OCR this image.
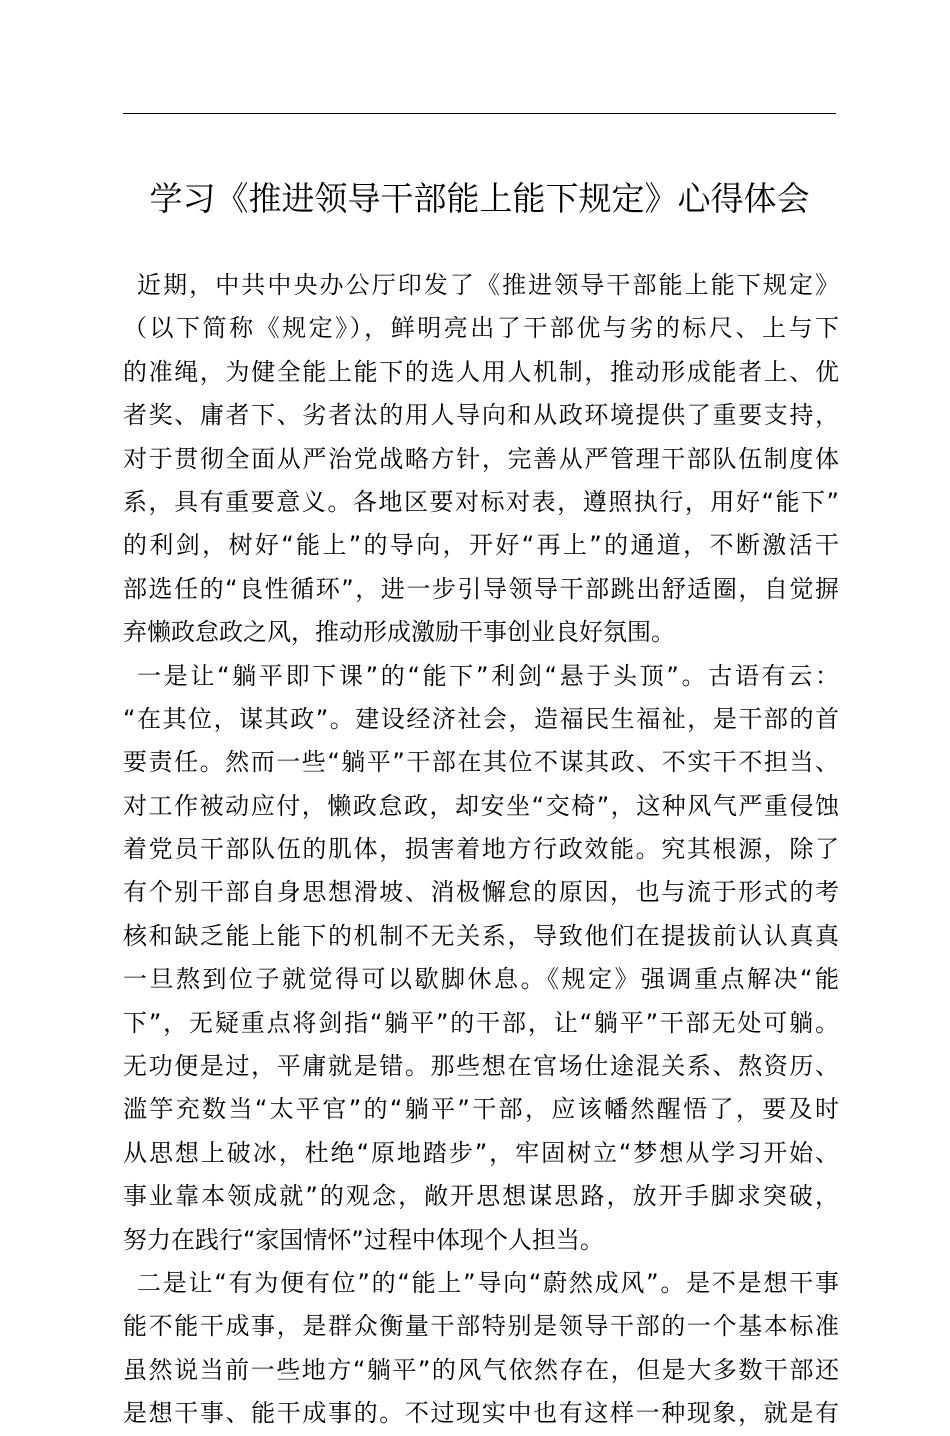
学习《推进领导干部能上能下规定》心得体会
近期，中共中央办公厅印发了《推进领导干部能上能下规定》
（以下简称《规定》），鲜明亮出了干部优与劣的标尺、上与下
的准绳，为健全能上能下的选人用人机制，推动形成能者上、优
者奖、庸者下、劣者汰的用人导向和从政环境提供了重要支持，
对于贯彻全面从严治党战略方针，完善从严管理干部队伍制度体
系，具有重要意义。各地区要对标对表，遵照执行，用好“能下”
的利剑，树好“能上”的导向，开好“再上”的通道，不断激活干
部选任的“良性循环”，进一步引导领导干部跳出舒适圈，自觉摒
弃懒政怠政之风，推动形成激励干事创业良好氛围。
一是让“躺平即下课”的“能下”利剑“悬于头顶”。古语有云：
“在其位，谋其政”。建设经济社会，造福民生福祉，是干部的首
要责任。然而一些“躺平”干部在其位不谋其政、不实干不担当、
对工作被动应付，懒政怠政，却安坐“交椅”，这种风气严重侵蚀
着党员干部队伍的肌体，损害着地方行政效能。究其根源，除了
有个别干部自身思想滑坡、消极懈怠的原因，也与流于形式的考
核和缺乏能上能下的机制不无关系，导致他们在提拔前认认真真
一旦熬到位子就觉得可以歇脚休息。《规定》强调重点解决“能
下”，无疑重点将剑指“躺平”的干部，让“躺平”干部无处可躺。
无功便是过，平庸就是错。那些想在官场仕途混关系、熬资历、
滥竽充数当“太平官”的“躺平”干部，应该幡然醒悟了，要及时
从思想上破冰，杜绝“原地踏步”，牢固树立“梦想从学习开始、
事业靠本领成就”的观念，敞开思想谋思路，放开手脚求突破，
努力在践行“家国情怀”过程中体现个人担当。
二是让“有为便有位”的“能上”导向“蔚然成风”。是不是想干事
能不能干成事，是群众衡量干部特别是领导干部的一个基本标准
虽然说当前一些地方“躺平”的风气依然存在，但是大多数干部还
是想干事、能干成事的。不过现实中也有这样一种现象，就是有
